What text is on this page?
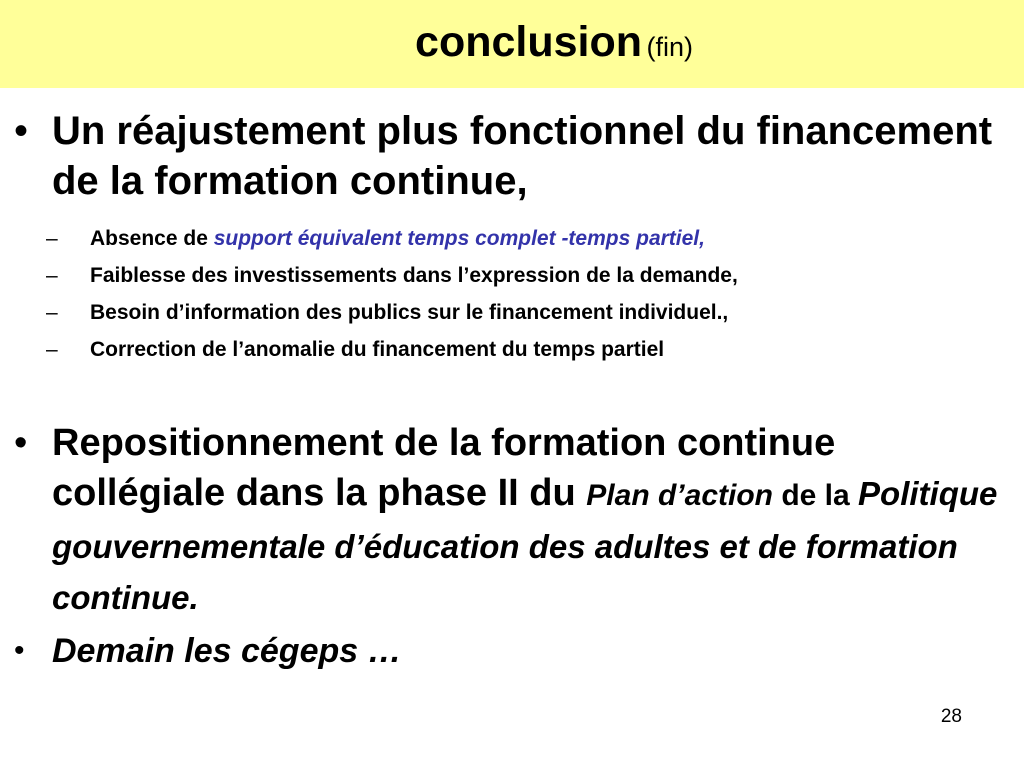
conclusion (fin)
• Un réajustement plus fonctionnel du financement de la formation continue,
– Absence de support équivalent temps complet -temps partiel,
– Faiblesse des investissements dans l’expression de la demande,
– Besoin d’information des publics sur le financement individuel.,
– Correction de l’anomalie du financement du temps partiel
• Repositionnement de la formation continue collégiale dans la phase II du Plan d’action de la Politique gouvernementale d’éducation des adultes et de formation continue.
• Demain les cégeps …
28
